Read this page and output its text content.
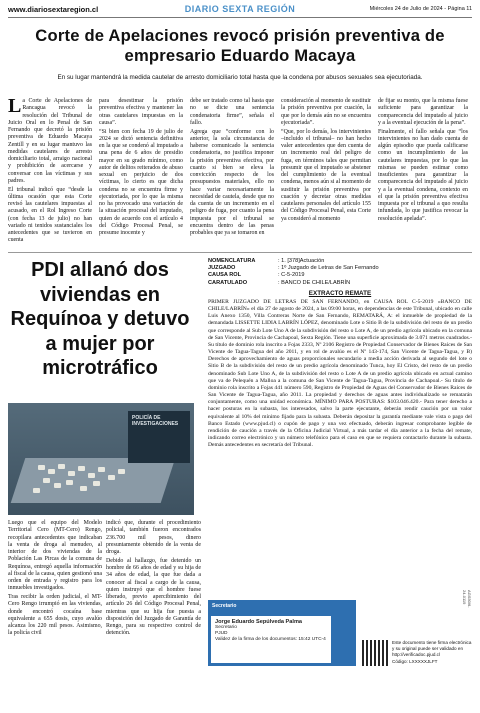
www.diariosextaregion.cl	DIARIO SEXTA REGIÓN	Miércoles 24 de Julio de 2024 - Página 11
Corte de Apelaciones revocó prisión preventiva de empresario Eduardo Macaya
En su lugar mantendrá la medida cautelar de arresto domiciliario total hasta que la condena por abusos sexuales sea ejecutoriada.

La Corte de Apelaciones de Rancagua revocó la resolución del Tribunal de Juicio Oral en lo Penal de San Fernando que decretó la prisión preventiva de Eduardo Macaya Zentill y en su lugar mantuvo las medidas cautelares de arresto domiciliario total, arraigo nacional y prohibición de acercarse y conversar con las víctimas y sus padres.

El tribunal indicó que “desde la última ocasión que esta Corte revisó las cautelares impuestas al acusado, en el Rol Ingreso Corte (con fecha 13 de julio) no han variado ni tenidos sustanciales los antecedentes que se tuvieron en cuenta

para desestimar la prisión preventiva efectiva y mantener las otras cautelares impuestas en la causa”.

“Si bien con fecha 19 de julio de 2024 se dictó sentencia definitiva en la que se condenó al imputado a una pena de 6 años de presidio mayor en su grado mínimo, como autor de delitos reiterados de abuso sexual en perjuicio de dos víctimas, lo cierto es que dicha condena no se encuentra firme y ejecutoriada, por lo que la misma no ha provocado una variación de la situación procesal del imputado, quien de acuerdo con el artículo 4 del Código Procesal Penal, se presume inocente y

debe ser tratado como tal hasta que no se dicte una sentencia condenatoria firme”, señala el fallo.

Agrega que “conforme con lo anterior, la sola circunstancia de haberse comunicado la sentencia condenatoria, no justifica imponer la prisión preventiva efectiva, por cuanto si bien se eleva la convicción respecto de los presupuestos materiales, ello no hace variar necesariamente la necesidad de cautela, desde que no da cuenta de un incremento en el peligro de fuga, por cuanto la pena impuesta por el tribunal se encuentra dentro de las penas probables que ya se tomaron en

consideración al momento de sustituir la prisión preventiva por cuación, la que por lo demás aún no se encuentra ejecutoriada”.

“Que, por lo demás, los intervinientes –incluido el tribunal– no han hecho valer antecedentes que den cuenta de un incremento real del peligro de fuga, en términos tales que permitan presumir que el imputado se abstener del cumplimiento de la eventual condena, menos aún si al momento de sustituir la prisión preventiva por cuación y decretar otras medidas cautelares personales del artículo 155 del Código Procesal Penal, esta Corte ya consideró al momento

de fijar su monto, que la misma fuese suficiente para garantizar la comparecencia del imputado al juicio y a la eventual ejecución de la pena”.

Finalmente, el fallo señala que “los intervinientes no han dado cuenta de algún episodio que pueda calificarse como un incumplimiento de las cautelares impuestas, por lo que las mismas se pueden estimar como insuficientes para garantizar la comparecencia del imputado al juicio y a la eventual condena, contexto en el que la prisión preventiva efectiva impuesta por el tribunal a quo resulta infundada, lo que justifica revocar la resolución apelada”.

PDI allanó dos viviendas en Requínoa y detuvo a mujer por microtráfico
POLICÍA DE INVESTIGACIONES

Luego que el equipo del Modelo Territorial Cero (MT-Cero) Rengo, recopilara antecedentes que indicaban la venta de droga al menudeo, al interior de dos viviendas de la Población Las Pircas de la comuna de Requínoa, entregó aquella información al fiscal de la causa, quien gestionó una orden de entrada y registro para los inmuebles investigados.

Tras recibir la orden judicial, el MT-Cero Rengo irrumpió en las viviendas, donde encontró cocaína base equivalente a 655 dosis, cuyo avalúo alcanza los 220 mil pesos. Asimismo, la policía civil

indicó que, durante el procedimiento policial, también fueron encontrados 236.700 mil pesos, dinero presuntamente obtenido de la venta de droga.

Debido al hallazgo, fue detenido un hombre de 66 años de edad y su hija de 34 años de edad, la que fue dada a conocer al fiscal a cargo de la causa, quien instruyó que el hombre fuese liberado, previo apercibimiento del artículo 26 del Código Procesal Penal, mientras que su hija fue puesta a disposición del Juzgado de Garantía de Rengo, para su respectivo control de detención.

NOMENCLATURA	: 1. [378]Actuación
JUZGADO	: 1º Juzgado de Letras de San Fernando
CAUSA ROL	: C-5-2019
CARATULADO	: BANCO DE CHILE/LABRÍN
EXTRACTO REMATE
PRIMER JUZGADO DE LETRAS DE SAN FERNANDO, en CAUSA ROL C-5-2019 «BANCO DE CHILE/LABRÍN» el día 27 de agosto de 2024, a las 09:00 horas, en dependencias de este Tribunal, ubicado en calle Luis Anexo 1350, Villa Contreras Norte de San Fernando, REMATARÁ, A: el inmueble de propiedad de la demandada LISSETTE LIDIA LABRÍN LÓPEZ, denominado Lote o Sitio B de la subdivisión del resto de un predio que corresponde al Sub Lote Uno A de la subdivisión del resto o Lote A, de un predio agrícola ubicado en la comuna de San Vicente, Provincia de Cachapoal, Sexta Región. Tiene una superficie aproximada de 3.071 metros cuadrados.- Su título de dominio rola inscrito a Fojas 2333, Nº 2106 Registro de Propiedad Conservador de Bienes Raíces de San Vicente de Tagua-Tagua del año 2011, y en rol de avalúo es el Nº 143-174, San Vicente de Tagua-Tagua, y B) Derechos de aprovechamiento de aguas proporcionales secundario a media acción derivada al segundo del lote o Sitio B de la subdivisión del resto de un predio agrícola denominado Tunca, hoy El Cristo, del resto de un predio denominado Sub Lote Uno A, de la subdivisión del resto o Lote A de un predio agrícola ubicado en actual camino que va de Pelequén a Malloa a la comuna de San Vicente de Tagua-Tagua, Provincia de Cachapoal.- Su título de dominio rola inscrito a Fojas 441 número 590, Registro de Propiedad de Aguas del Conservador de Bienes Raíces de San Vicente de Tagua-Tagua, año 2011. La propiedad y derechos de aguas antes individualizado se rematarán conjuntamente, como una unidad económica. MÍNIMO PARA POSTURAS: $103.046.420.- Para tener derecho a hacer posturas en la subasta, los interesados, salvo la parte ejecutante, deberán rendir caución por un valor equivalente al 10% del mínimo fijado para la subasta. Deberán depositar la garantía mediante vale vista o pago del Banco Estado (www.pjud.cl) o cupón de pago y una vez efectuado, deberán ingresar comprobante legible de rendición de caución a través de la Oficina Judicial Virtual, a más tardar el día anterior a la fecha del remate, indicando correo electrónico y un número telefónico para el caso en que se requiera contactarlo durante la subasta. Demás antecedentes en secretaría del Tribunal.
Secretario
Jorge Eduardo Sepúlveda Palma
Secretario
PJUD
Validez de la firma de los documentos: 15:42 UTC-4
Este documento tiene firma electrónica y su original puede ser validado en http://verificadoc.pjud.cl
Código: LXXXXXJLFT
AGS50/6-24-0119
